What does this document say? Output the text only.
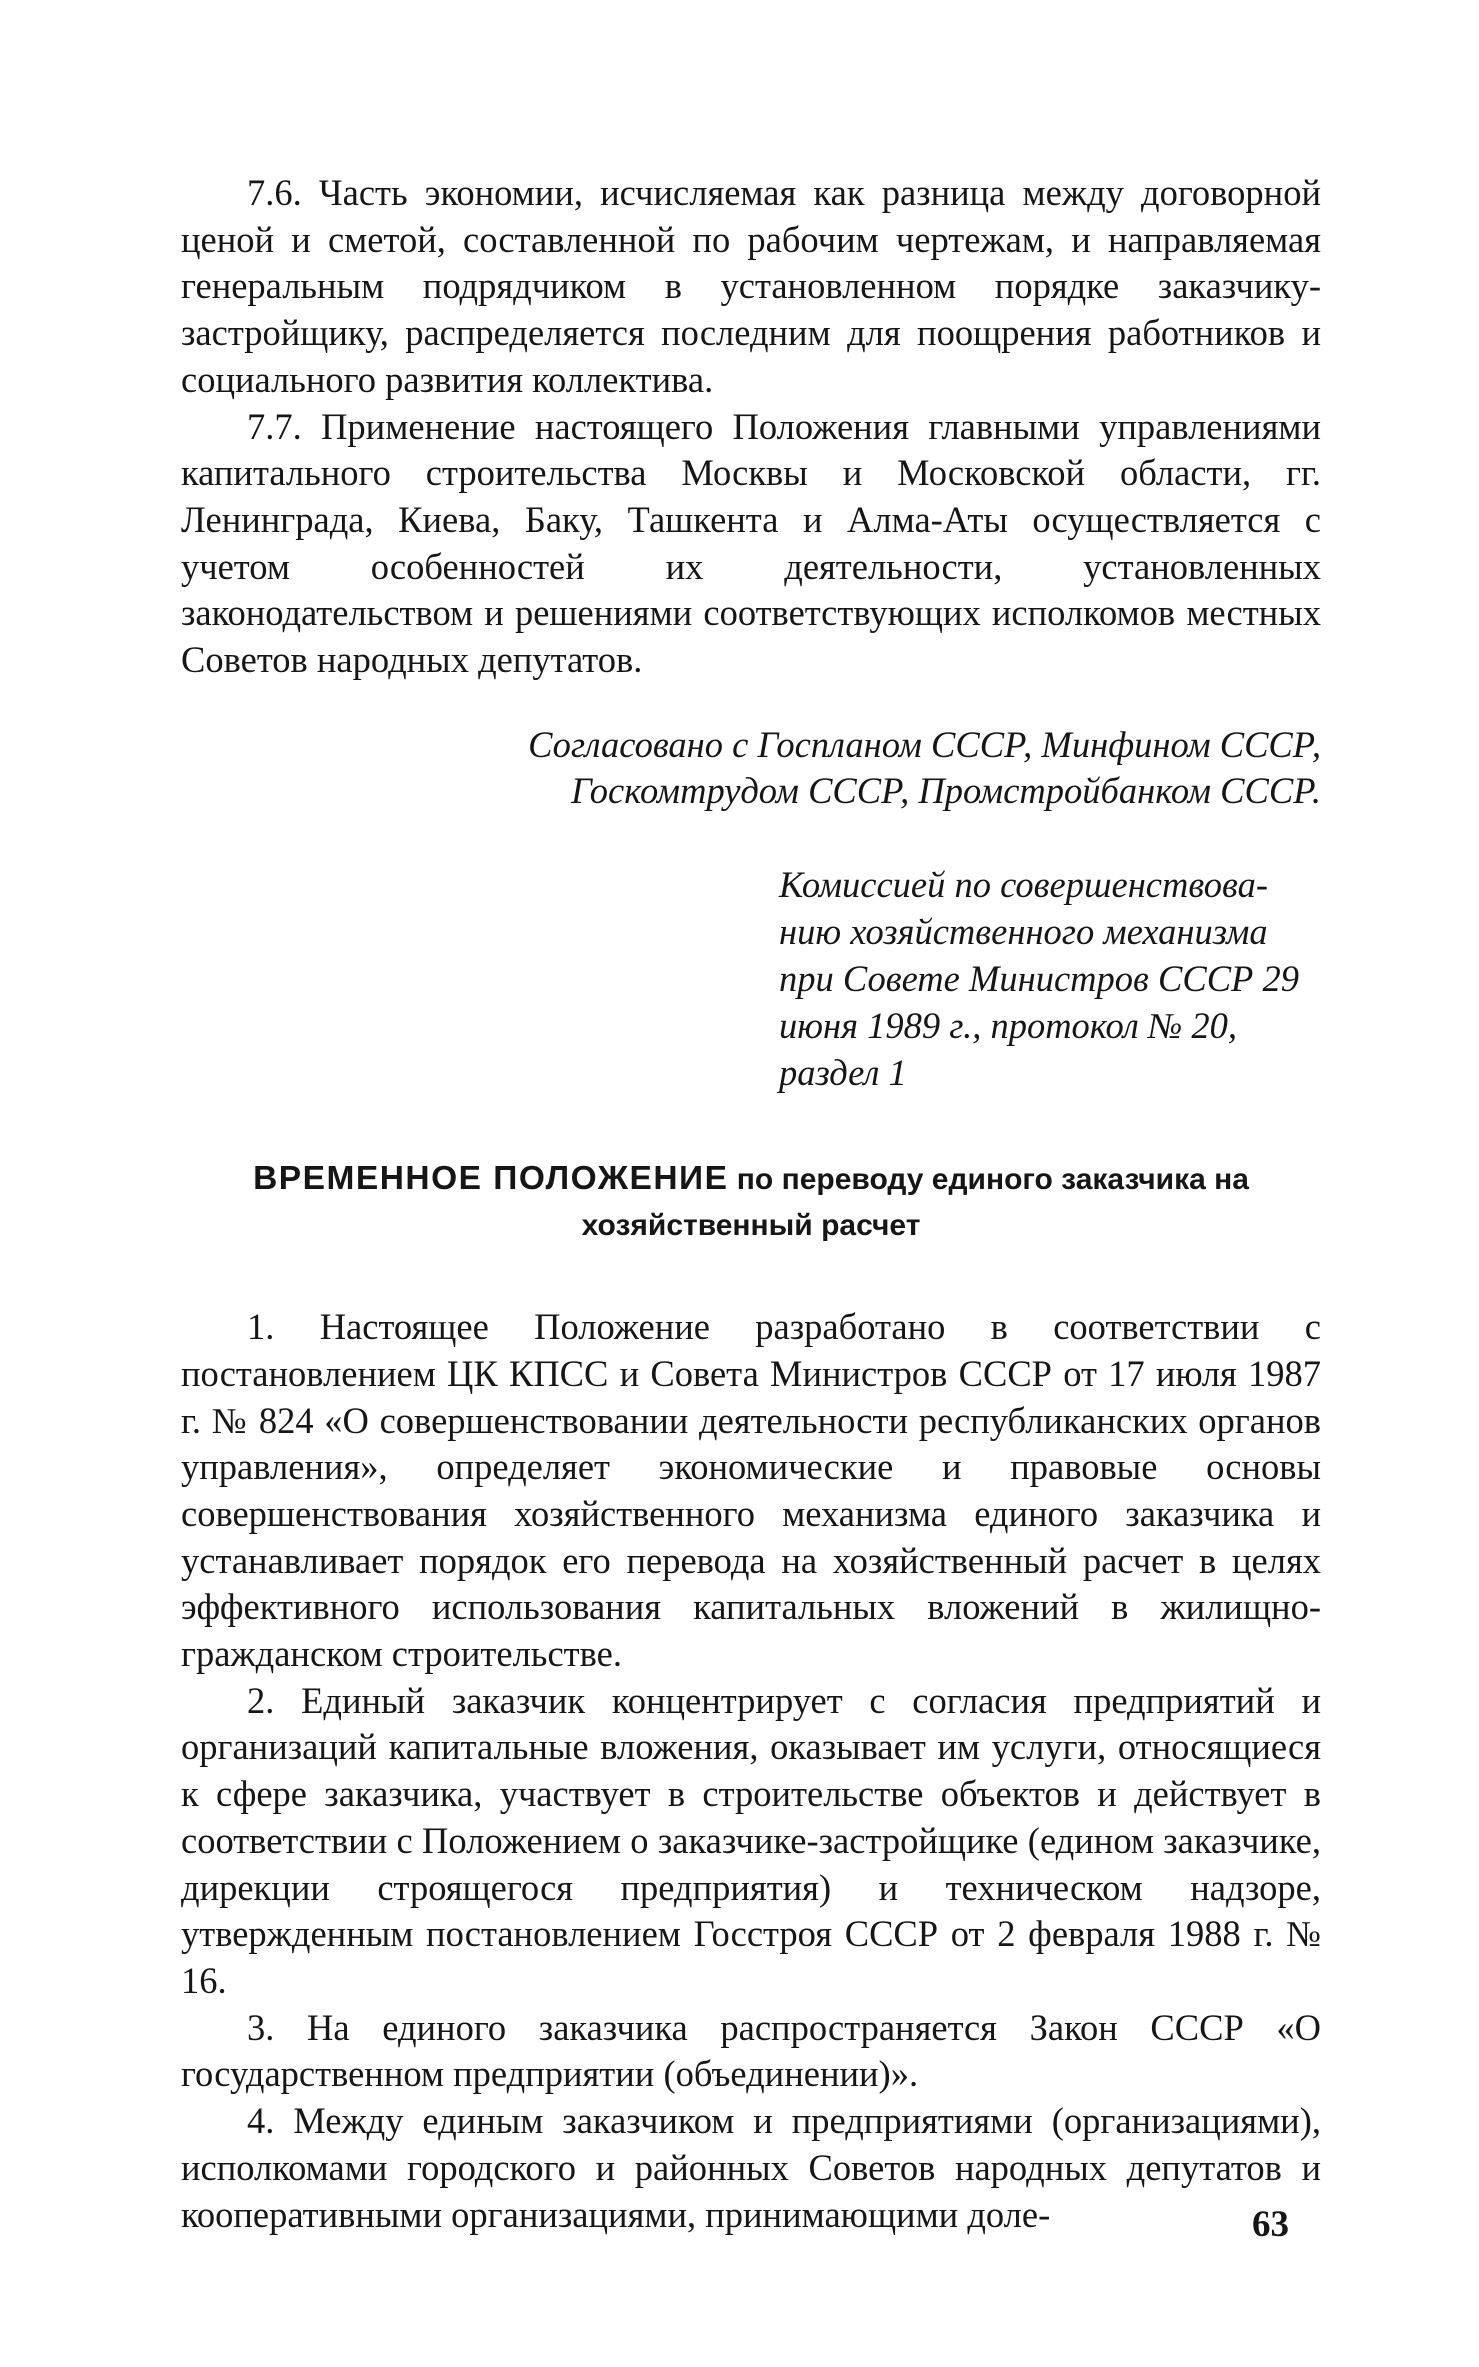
7.6. Часть экономии, исчисляемая как разница между договорной ценой и сметой, составленной по рабочим чертежам, и направляемая генеральным подрядчиком в установленном порядке заказчику-застройщику, распределяется последним для поощрения работников и социального развития коллектива.

7.7. Применение настоящего Положения главными управлениями капитального строительства Москвы и Московской области, гг. Ленинграда, Киева, Баку, Ташкента и Алма-Аты осуществляется с учетом особенностей их деятельности, установленных законодательством и решениями соответствующих исполкомов местных Советов народных депутатов.

Согласовано с Госпланом СССР, Минфином СССР,
Госкомтрудом СССР, Промстройбанком СССР.
Комиссией по совершенствова-
нию хозяйственного механизма
при Совете Министров СССР 29
июня 1989 г., протокол № 20,
раздел 1
ВРЕМЕННОЕ ПОЛОЖЕНИЕ по переводу единого заказчика на хозяйственный расчет

1. Настоящее Положение разработано в соответствии с постановлением ЦК КПСС и Совета Министров СССР от 17 июля 1987 г. № 824 «О совершенствовании деятельности республиканских органов управления», определяет экономические и правовые основы совершенствования хозяйственного механизма единого заказчика и устанавливает порядок его перевода на хозяйственный расчет в целях эффективного использования капитальных вложений в жилищно-гражданском строительстве.

2. Единый заказчик концентрирует с согласия предприятий и организаций капитальные вложения, оказывает им услуги, относящиеся к сфере заказчика, участвует в строительстве объектов и действует в соответствии с Положением о заказчике-застройщике (едином заказчике, дирекции строящегося предприятия) и техническом надзоре, утвержденным постановлением Госстроя СССР от 2 февраля 1988 г. № 16.

3. На единого заказчика распространяется Закон СССР «О государственном предприятии (объединении)».

4. Между единым заказчиком и предприятиями (организациями), исполкомами городского и районных Советов народных депутатов и кооперативными организациями, принимающими доле-	63
